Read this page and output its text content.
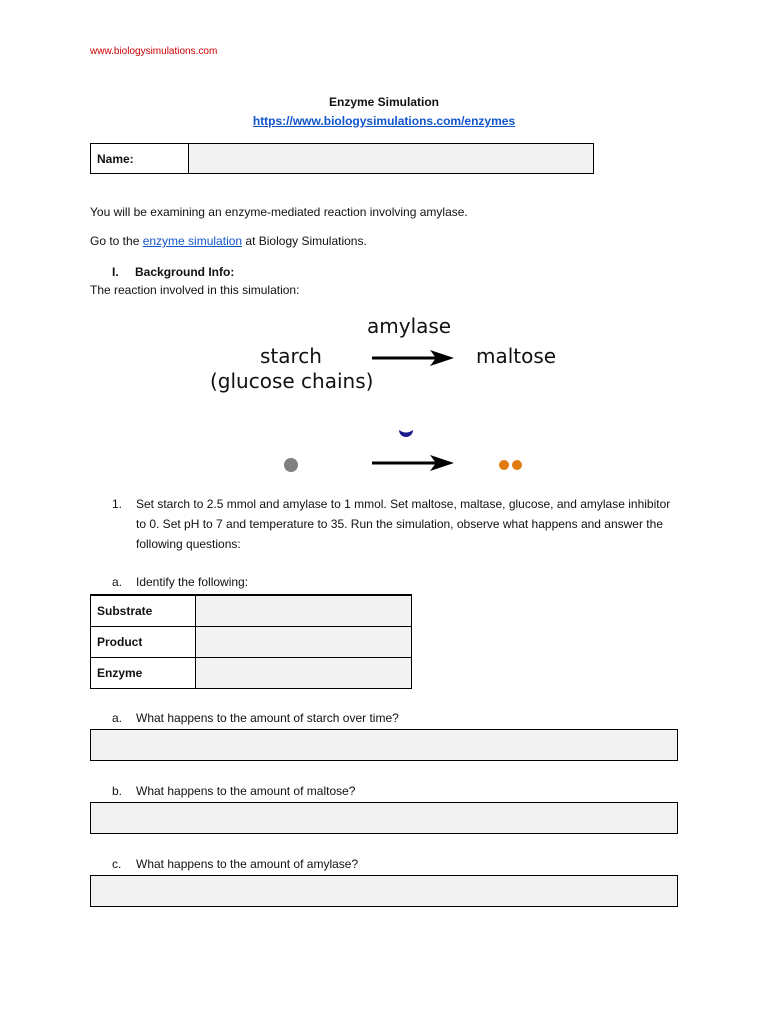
www.biologysimulations.com
Enzyme Simulation
https://www.biologysimulations.com/enzymes
Name:
You will be examining an enzyme-mediated reaction involving amylase.
Go to the enzyme simulation at Biology Simulations.
I. Background Info:
The reaction involved in this simulation:
amylase
starch
(glucose chains)
maltose
1.	Set starch to 2.5 mmol and amylase to 1 mmol. Set maltose, maltase, glucose, and amylase inhibitor to 0. Set pH to 7 and temperature to 35. Run the simulation, observe what happens and answer the following questions:
a.	Identify the following:
Substrate	
Product	
Enzyme	
a.	What happens to the amount of starch over time?
b.	What happens to the amount of maltose?
c.	What happens to the amount of amylase?
